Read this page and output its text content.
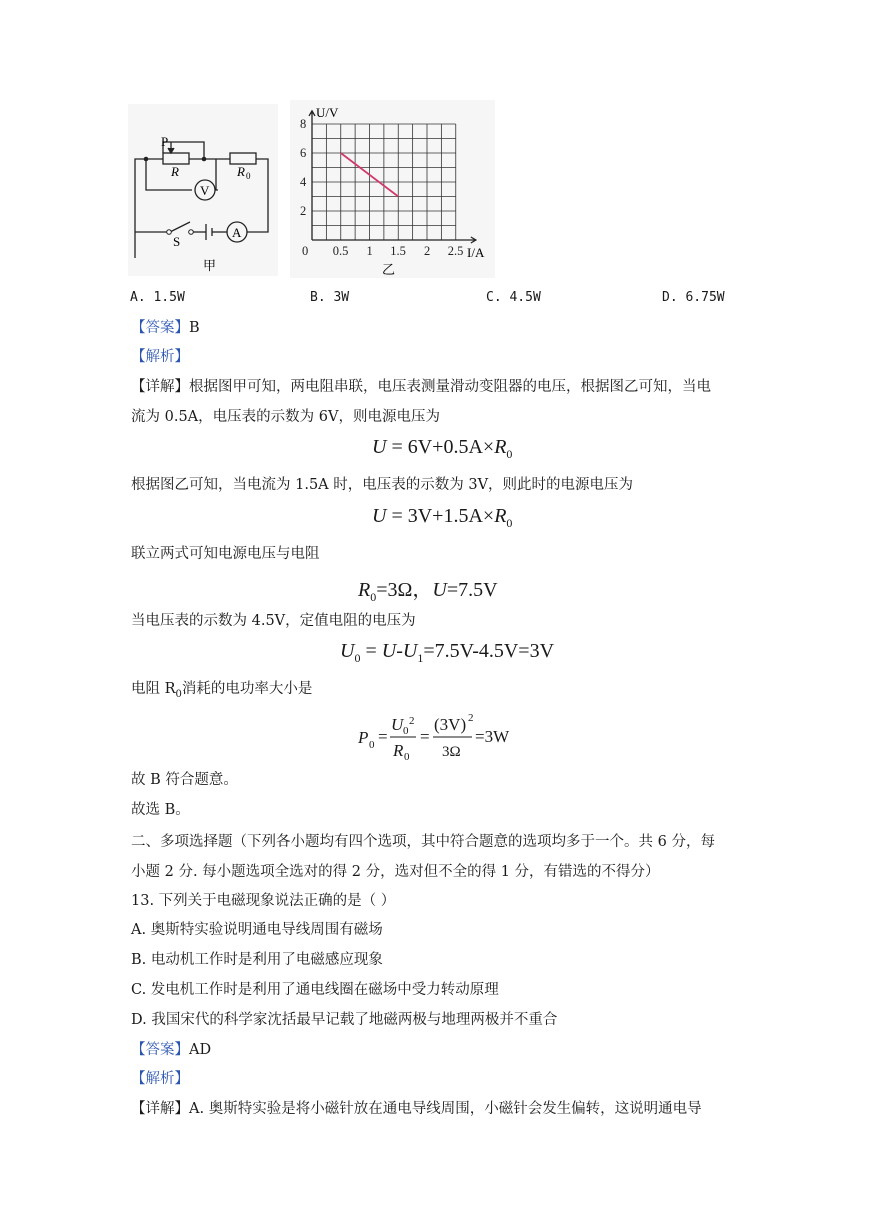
P
R	R 0
V
A
S
甲
8
6
4
2
0 0.5 1 1.5 2 2.5
U/V
I/A
乙
A. 1.5W	B. 3W	C. 4.5W	D. 6.75W
【答案】B
【解析】
【详解】根据图甲可知，两电阻串联，电压表测量滑动变阻器的电压，根据图乙可知，当电
流为 0.5A，电压表的示数为 6V，则电源电压为
$U = 6V+0.5A\times R_0$
根据图乙可知，当电流为 1.5A 时，电压表的示数为 3V，则此时的电源电压为
$U = 3V+1.5A\times R_0$
联立两式可知电源电压与电阻
$R_0=3\Omega$，U=7.5V
当电压表的示数为 4.5V，定值电阻的电压为
$U_0 = U-U_1=7.5V-4.5V=3V$
电阻 $R_0$消耗的电功率大小是
P 0 =
U 0
2
R 0
=
(3V) 2
3Ω
=3W
故 B 符合题意。
故选 B。
二、多项选择题（下列各小题均有四个选项，其中符合题意的选项均多于一个。共 6 分，每
小题 2 分. 每小题选项全选对的得 2 分，选对但不全的得 1 分，有错选的不得分）
13. 下列关于电磁现象说法正确的是（ ）
A. 奥斯特实验说明通电导线周围有磁场
B. 电动机工作时是利用了电磁感应现象
C. 发电机工作时是利用了通电线圈在磁场中受力转动原理
D. 我国宋代的科学家沈括最早记载了地磁两极与地理两极并不重合
【答案】AD
【解析】
【详解】A. 奥斯特实验是将小磁针放在通电导线周围，小磁针会发生偏转，这说明通电导
